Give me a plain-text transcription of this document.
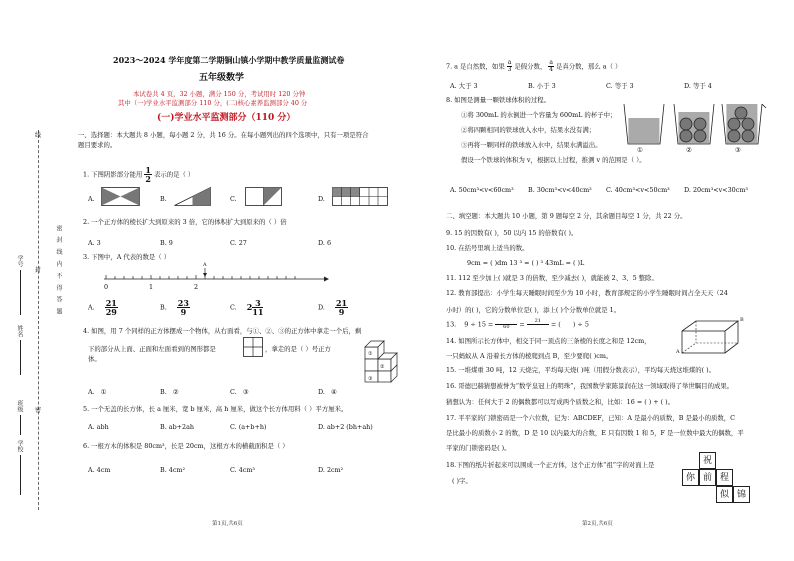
线
封
密
密 封 线 内 不 得 答 题
学号
姓名
班级
学校
2023～2024 学年度第二学期铜山镇小学期中教学质量监测试卷
五年级数学
本试卷共 4 页，32 小题，满分 150 分，考试用时 120 分钟
其中（一)学业水平监测部分 110 分，(二)核心素养监测部分 40 分
(一)学业水平监测部分（110 分）
一、选择题：本大题共 8 小题，每小题 2 分，共 16 分。在每小题列出的四个选项中，只有一项是符合
题目要求的。
1. 下图阴影部分能用 $\frac{1}{2}$ 表示的是（ ）
A.	B.	C.	D.
2. 一个正方体的棱长扩大到原来的 3 倍，它的体积扩大到原来的（ ）倍
A. 3	B. 9	C. 27	D. 6
3. 下图中，A 代表的数是（ ）
A
0	1	2
A. $\frac{21}{29}$	B. $\frac{23}{9}$	C. $2 \frac{3}{11}$	D. $\frac{21}{9}$
4. 如图，用 7 个同样的正方体摆成一个物体，从右面看，与①、②、③的正方体中拿走一个后，剩
下的部分从上面、正面和左面看到的图形都是	，拿走的是（ ）号正方
体。
①
②
③
A. ①	B. ②	C. ③	D. ④
5. 一个无盖的长方体，长 a 厘米，宽 b 厘米，高 h 厘米，做这个长方体用料（ ）平方厘米。
A. abh	B. ab+2ah	C. (a+b+h)	D. ab+2 (bh+ah)
6. 一根方木的体积是 80cm³，长是 20cm，这根方木的横截面积是（ ）
A. 4cm	B. 4cm²	C. 4cm³	D. 2cm²
第1页,共6页
7. a 是自然数，如果 $\frac{a}{3}$ 是假分数， $\frac{a}{4}$ 是真分数，那么 a（ ）
A. 大于 3	B. 小于 3	C. 等于 3	D. 等于 4
8. 如图是测量一颗铁球体积的过程。
①将 300mL 的水倒进一个容量为 600mL 的杯子中；
②将四颗相同的铁球放入水中，结果水没有满；
③再将一颗同样的铁球放入水中，结果水满溢出。
假设一个铁球的体积为 v，根据以上过程，推测 v 的范围是（ ）。
①	②	③
A. 50cm³<v<60cm³ B. 30cm³<v<40cm³ C. 40cm³<v<50cm³ D. 20cm³<v<30cm³
二、填空题：本大题共 10 小题，第 9 题每空 2 分，其余题目每空 1 分，共 22 分。
9. 15 的因数有( )，50 以内 15 的倍数有( )。
10. 在括号里填上适当的数。
9cm = ( )dm 13 ³ = ( ) ³ 43mL = ( )L
11. 112 至少加上( )就是 3 的倍数，至少减去( )，就能被 2、3、5 整除。
12. 教育部提出：小学生每天睡眠时间至少为 10 小时，教育部规定的小学生睡眠时间占全天天（24
小时）的( )，它的分数单位是( )，添上( )个分数单位就是 1。
13.    9 ÷ 15 =
	60	=	21
	= (      ) ÷ 5
14. 如图所示长方体中，相交于同一顶点的三条棱的长度之和是 12cm，
一只蚂蚁从 A 沿着长方体的棱爬到点 B，至少要爬( )cm。	A
B
15. 一堆煤重 30 吨，12 天烧完，平均每天烧( )吨（用假分数表示），平均每天烧这堆煤的( )。
16. 哥德巴赫猜想被誉为“数学皇冠上的明珠”，我国数学家陈景润在这一领域取得了举世瞩目的成果。
猜想认为：任何大于 2 的偶数都可以写成两个质数之和，比如：16 = ( ) + ( )。
17. 平平家的门锁密码是一个六位数，记为：ABCDEF，已知：A 是最小的质数，B 是最小的质数，C
是比最小的质数小 2 的数，D 是 10 以内最大的合数，E 只有因数 1 和 5，F 是一位数中最大的偶数，平
平家的门锁密码是( )。
18.下图的纸片折起来可以围成一个正方体，这个正方体“祖”字的对面上是
( )字。
祝
你 前 程
似 锦
第2页,共6页
